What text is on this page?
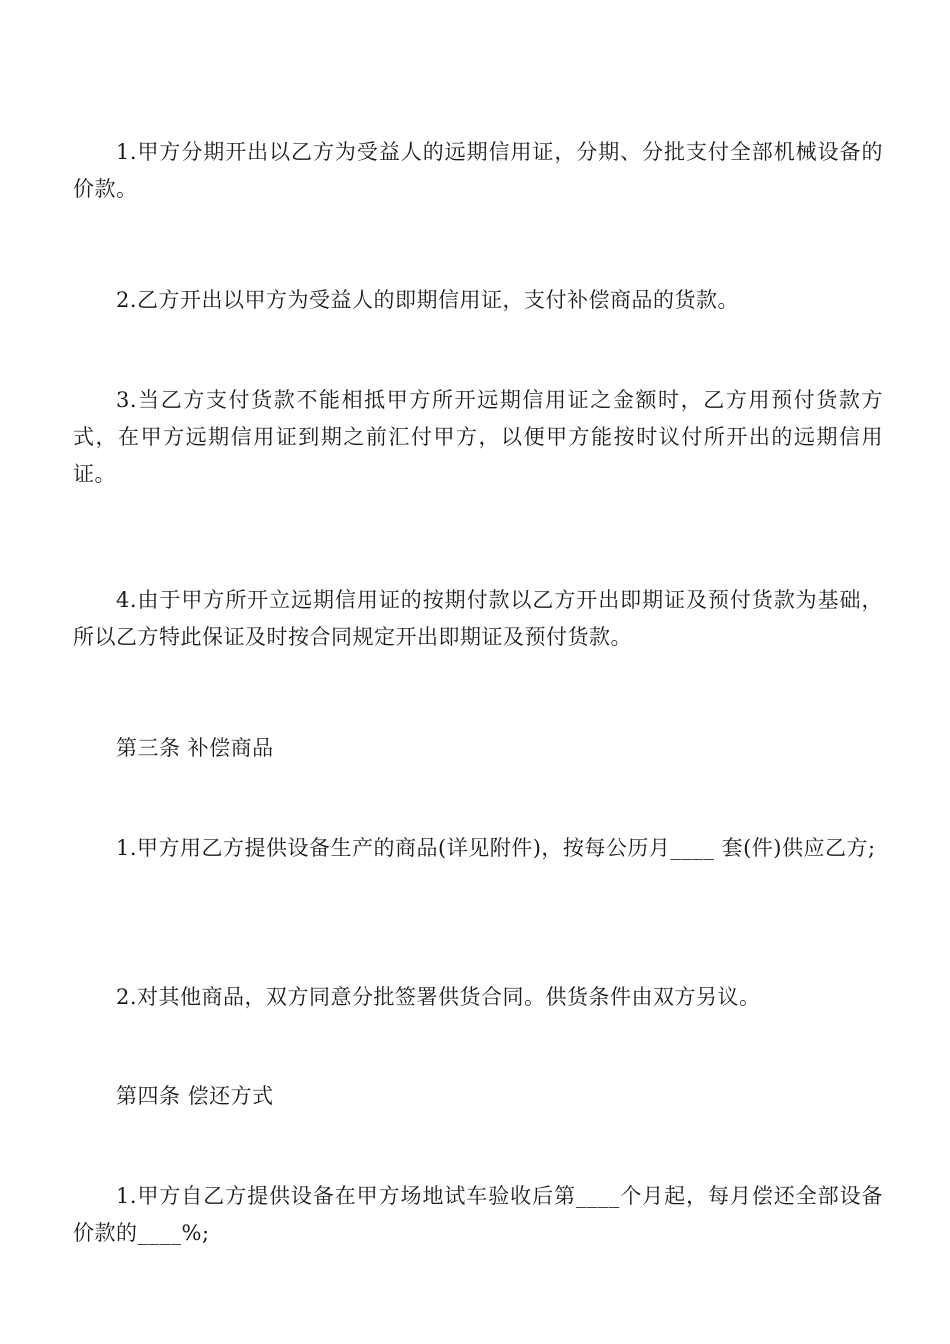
1.甲方分期开出以乙方为受益人的远期信用证，分期、分批支付全部机械设备的价款。

2.乙方开出以甲方为受益人的即期信用证，支付补偿商品的货款。

3.当乙方支付货款不能相抵甲方所开远期信用证之金额时，乙方用预付货款方式，在甲方远期信用证到期之前汇付甲方，以便甲方能按时议付所开出的远期信用证。

4.由于甲方所开立远期信用证的按期付款以乙方开出即期证及预付货款为基础，所以乙方特此保证及时按合同规定开出即期证及预付货款。

第三条 补偿商品

1.甲方用乙方提供设备生产的商品(详见附件)，按每公历月____ 套(件)供应乙方;

2.对其他商品，双方同意分批签署供货合同。供货条件由双方另议。

第四条 偿还方式

1.甲方自乙方提供设备在甲方场地试车验收后第____个月起，每月偿还全部设备价款的____%;
